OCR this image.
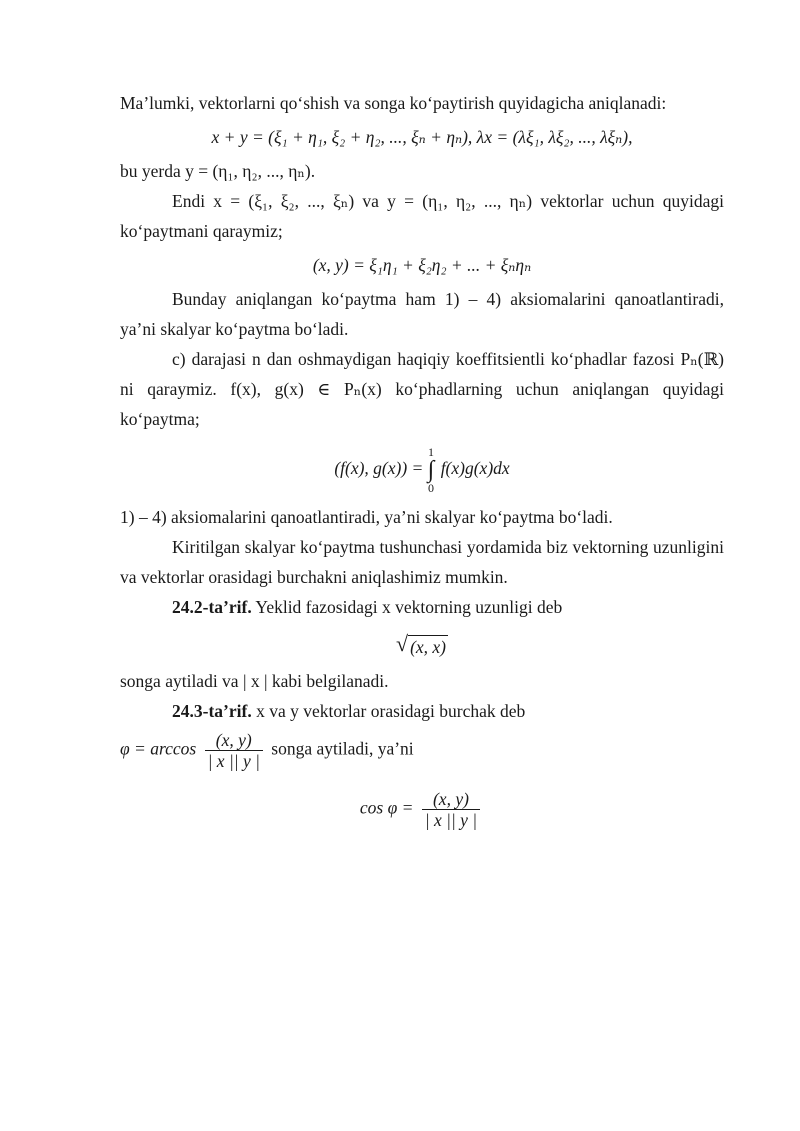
Ma’lumki, vektorlarni qo‘shish va songa ko‘paytirish quyidagicha aniqlanadi:

x + y = (ξ₁ + η₁, ξ₂ + η₂, ..., ξₙ + ηₙ), λx = (λξ₁, λξ₂, ..., λξₙ),

bu yerda y = (η₁, η₂, ..., ηₙ).

Endi x = (ξ₁, ξ₂, ..., ξₙ) va y = (η₁, η₂, ..., ηₙ) vektorlar uchun quyidagi ko‘paytmani qaraymiz;

(x, y) = ξ₁η₁ + ξ₂η₂ + ... + ξₙηₙ

Bunday aniqlangan ko‘paytma ham 1) – 4) aksiomalarini qanoatlantiradi, ya’ni skalyar ko‘paytma bo‘ladi.

c) darajasi n dan oshmaydigan haqiqiy koeffitsientli ko‘phadlar fazosi Pₙ(ℝ) ni qaraymiz. f(x), g(x) ∈ Pₙ(x) ko‘phadlarning uchun aniqlangan quyidagi ko‘paytma;

(f(x), g(x)) =
1
∫
0
f(x)g(x)dx

1) – 4) aksiomalarini qanoatlantiradi, ya’ni skalyar ko‘paytma bo‘ladi.

Kiritilgan skalyar ko‘paytma tushunchasi yordamida biz vektorning uzunligini va vektorlar orasidagi burchakni aniqlashimiz mumkin.

24.2-ta’rif. Yeklid fazosidagi x vektorning uzunligi deb

√ (x, x)

songa aytiladi va | x | kabi belgilanadi.

24.3-ta’rif. x va y vektorlar orasidagi burchak deb

$\varphi = \arccos \frac{(x, y)}{| x || y |}$ songa aytiladi, ya’ni

$\cos \varphi = \frac{(x, y)}{| x || y |}$
